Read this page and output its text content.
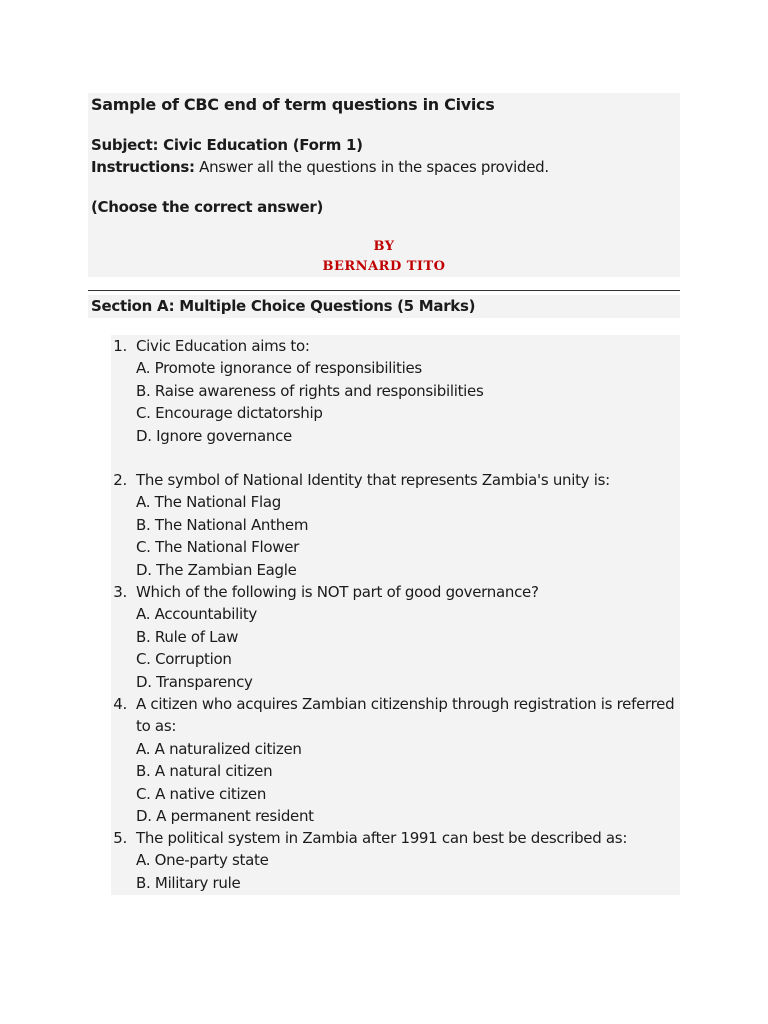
Sample of CBC end of term questions in Civics
Subject: Civic Education (Form 1)
Instructions: Answer all the questions in the spaces provided.
(Choose the correct answer)
BY
BERNARD TITO
Section A: Multiple Choice Questions (5 Marks)
1. Civic Education aims to:
A. Promote ignorance of responsibilities
B. Raise awareness of rights and responsibilities
C. Encourage dictatorship
D. Ignore governance
2. The symbol of National Identity that represents Zambia's unity is:
A. The National Flag
B. The National Anthem
C. The National Flower
D. The Zambian Eagle
3. Which of the following is NOT part of good governance?
A. Accountability
B. Rule of Law
C. Corruption
D. Transparency
4. A citizen who acquires Zambian citizenship through registration is referred
to as:
A. A naturalized citizen
B. A natural citizen
C. A native citizen
D. A permanent resident
5. The political system in Zambia after 1991 can best be described as:
A. One-party state
B. Military rule
